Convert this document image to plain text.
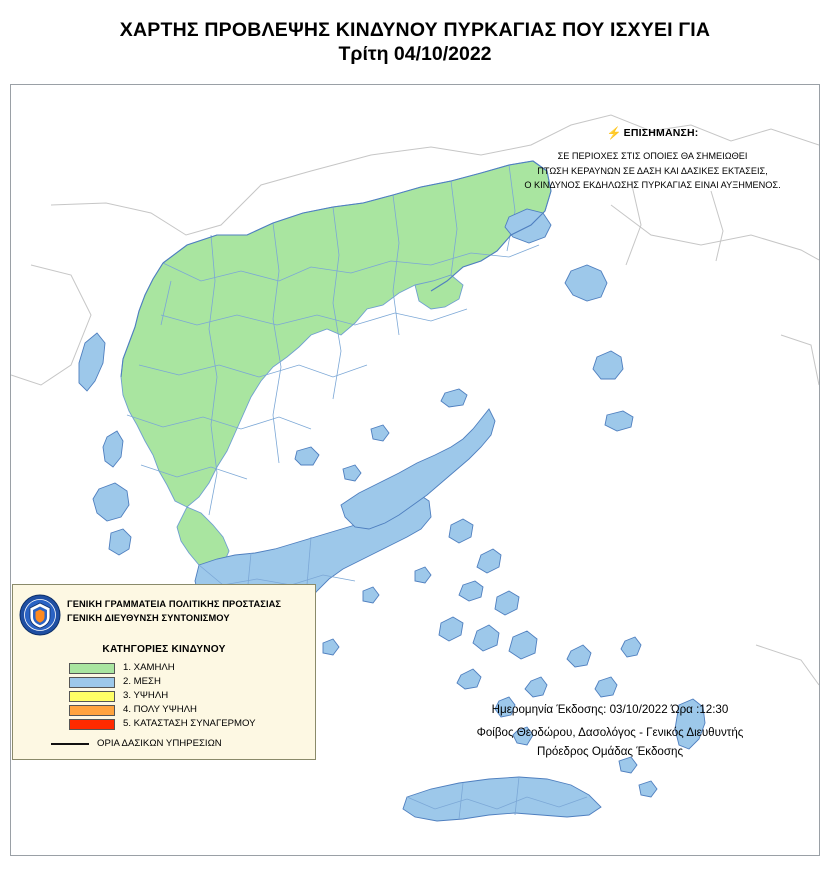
ΧΑΡΤΗΣ ΠΡΟΒΛΕΨΗΣ ΚΙΝΔΥΝΟΥ ΠΥΡΚΑΓΙΑΣ ΠΟΥ ΙΣΧΥΕΙ ΓΙΑ
Τρίτη 04/10/2022
⚡ ΕΠΙΣΗΜΑΝΣΗ:
ΣΕ ΠΕΡΙΟΧΕΣ ΣΤΙΣ ΟΠΟΙΕΣ ΘΑ ΣΗΜΕΙΩΘΕΙ
ΠΤΩΣΗ ΚΕΡΑΥΝΩΝ ΣΕ ΔΑΣΗ ΚΑΙ ΔΑΣΙΚΕΣ ΕΚΤΑΣΕΙΣ,
Ο ΚΙΝΔΥΝΟΣ ΕΚΔΗΛΩΣΗΣ ΠΥΡΚΑΓΙΑΣ ΕΙΝΑΙ ΑΥΞΗΜΕΝΟΣ.
ΓΕΝΙΚΗ ΓΡΑΜΜΑΤΕΙΑ ΠΟΛΙΤΙΚΗΣ ΠΡΟΣΤΑΣΙΑΣ
ΓΕΝΙΚΗ ΔΙΕΥΘΥΝΣΗ ΣΥΝΤΟΝΙΣΜΟΥ
ΚΑΤΗΓΟΡΙΕΣ ΚΙΝΔΥΝΟΥ
1. ΧΑΜΗΛΗ
2. ΜΕΣΗ
3. ΥΨΗΛΗ
4. ΠΟΛΥ ΥΨΗΛΗ
5. ΚΑΤΑΣΤΑΣΗ ΣΥΝΑΓΕΡΜΟΥ
ΟΡΙΑ ΔΑΣΙΚΩΝ ΥΠΗΡΕΣΙΩΝ
Ημερομηνία Έκδοσης: 03/10/2022 Ώρα :12:30
Φοίβος Θεοδώρου, Δασολόγος - Γενικός Διευθυντής
Πρόεδρος Ομάδας Έκδοσης
